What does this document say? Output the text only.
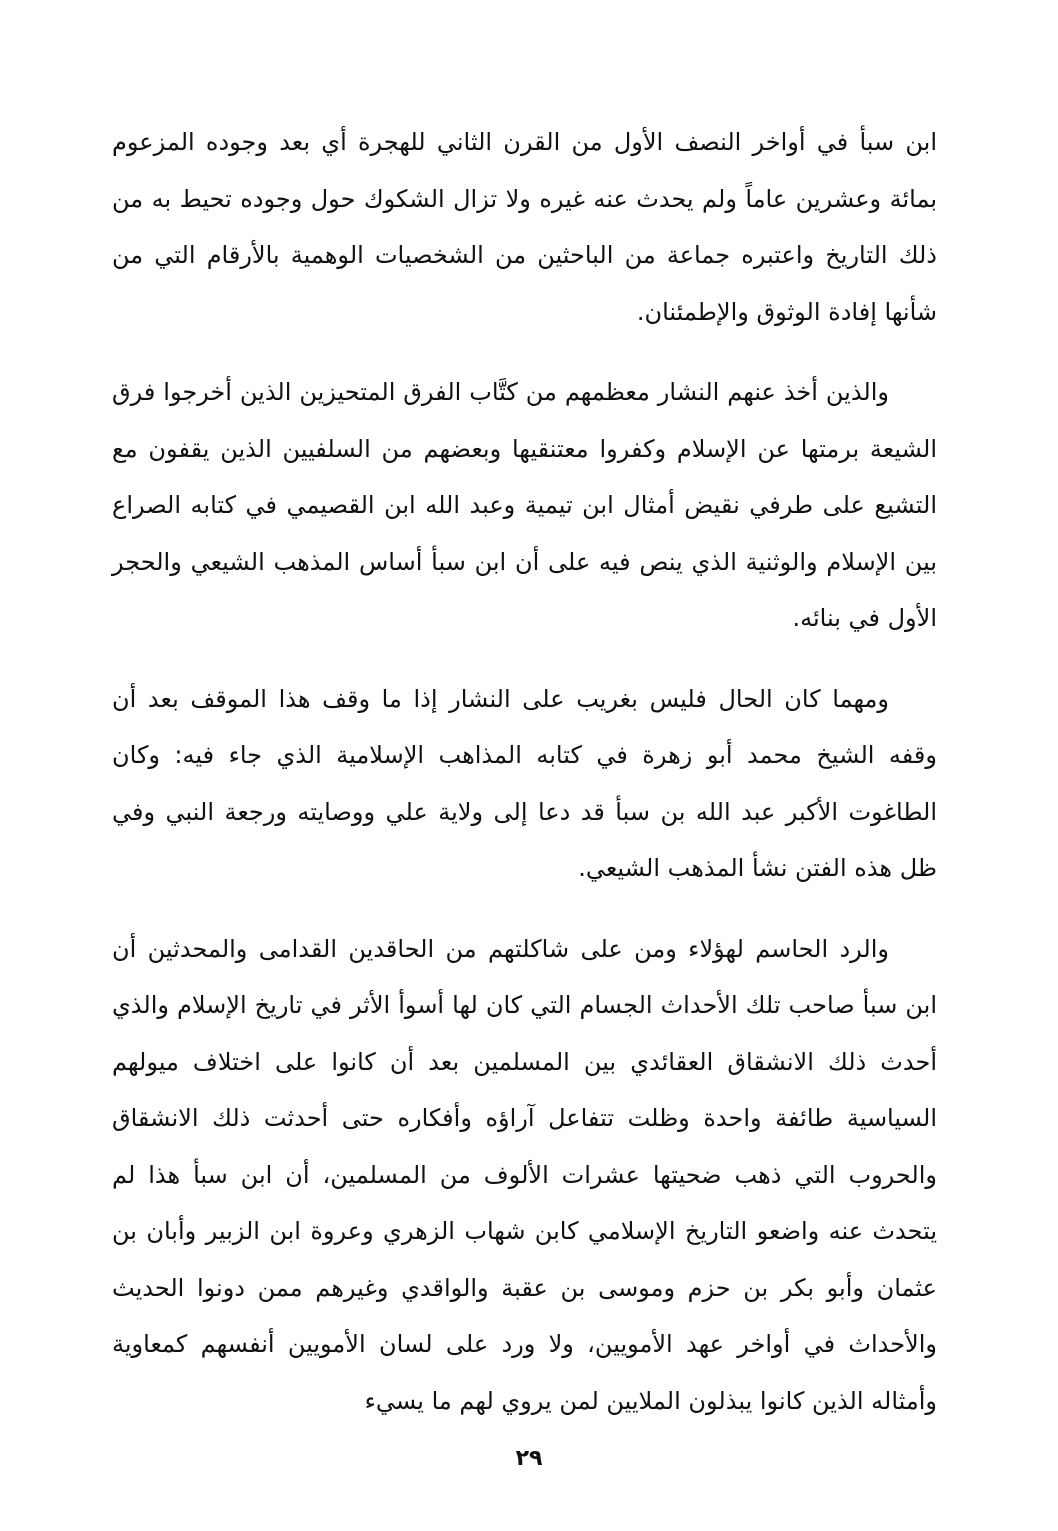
ابن سبأ في أواخر النصف الأول من القرن الثاني للهجرة أي بعد وجوده المزعوم بمائة وعشرين عاماً ولم يحدث عنه غيره ولا تزال الشكوك حول وجوده تحيط به من ذلك التاريخ واعتبره جماعة من الباحثين من الشخصيات الوهمية بالأرقام التي من شأنها إفادة الوثوق والإطمئنان.

والذين أخذ عنهم النشار معظمهم من كتَّاب الفرق المتحيزين الذين أخرجوا فرق الشيعة برمتها عن الإسلام وكفروا معتنقيها وبعضهم من السلفيين الذين يقفون مع التشيع على طرفي نقيض أمثال ابن تيمية وعبد الله ابن القصيمي في كتابه الصراع بين الإسلام والوثنية الذي ينص فيه على أن ابن سبأ أساس المذهب الشيعي والحجر الأول في بنائه.

ومهما كان الحال فليس بغريب على النشار إذا ما وقف هذا الموقف بعد أن وقفه الشيخ محمد أبو زهرة في كتابه المذاهب الإسلامية الذي جاء فيه: وكان الطاغوت الأكبر عبد الله بن سبأ قد دعا إلى ولاية علي ووصايته ورجعة النبي وفي ظل هذه الفتن نشأ المذهب الشيعي.

والرد الحاسم لهؤلاء ومن على شاكلتهم من الحاقدين القدامى والمحدثين أن ابن سبأ صاحب تلك الأحداث الجسام التي كان لها أسوأ الأثر في تاريخ الإسلام والذي أحدث ذلك الانشقاق العقائدي بين المسلمين بعد أن كانوا على اختلاف ميولهم السياسية طائفة واحدة وظلت تتفاعل آراؤه وأفكاره حتى أحدثت ذلك الانشقاق والحروب التي ذهب ضحيتها عشرات الألوف من المسلمين، أن ابن سبأ هذا لم يتحدث عنه واضعو التاريخ الإسلامي كابن شهاب الزهري وعروة ابن الزبير وأبان بن عثمان وأبو بكر بن حزم وموسى بن عقبة والواقدي وغيرهم ممن دونوا الحديث والأحداث في أواخر عهد الأمويين، ولا ورد على لسان الأمويين أنفسهم كمعاوية وأمثاله الذين كانوا يبذلون الملايين لمن يروي لهم ما يسيء

٢٩
